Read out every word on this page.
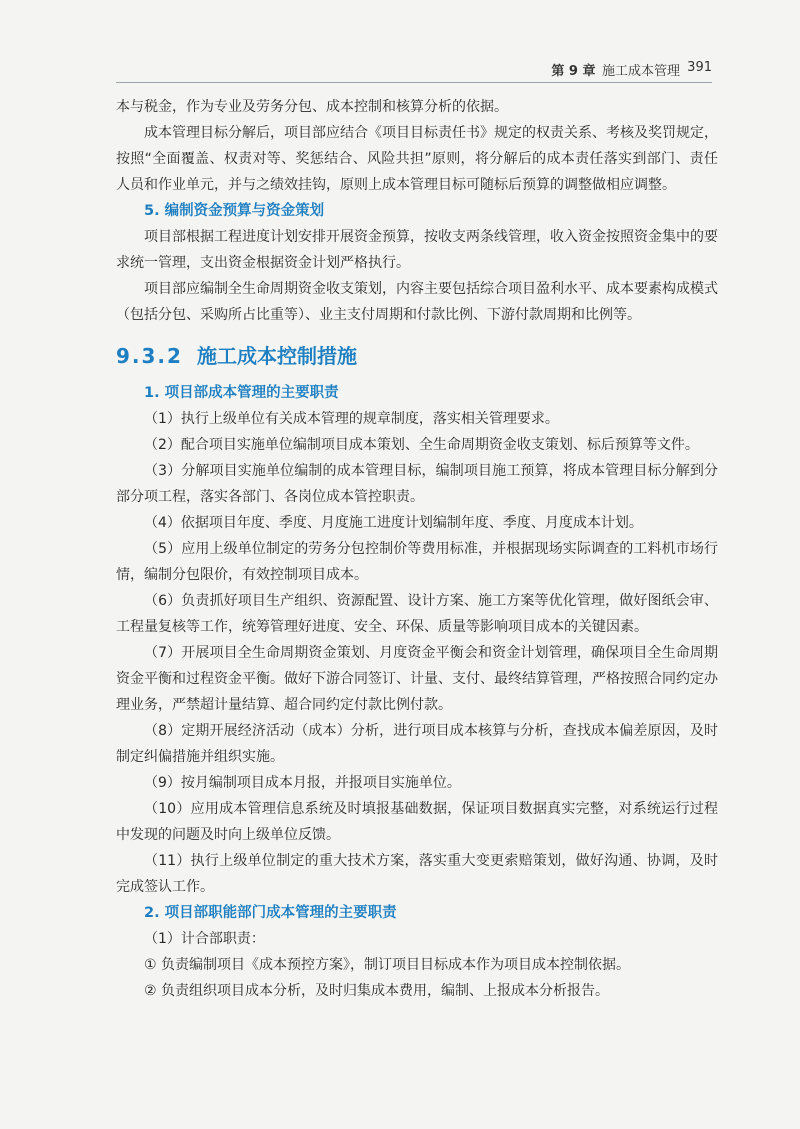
第 9 章  施工成本管理 391

本与税金，作为专业及劳务分包、成本控制和核算分析的依据。

成本管理目标分解后，项目部应结合《项目目标责任书》规定的权责关系、考核及奖罚规定，按照“全面覆盖、权责对等、奖惩结合、风险共担”原则，将分解后的成本责任落实到部门、责任人员和作业单元，并与之绩效挂钩，原则上成本管理目标可随标后预算的调整做相应调整。

5. 编制资金预算与资金策划

项目部根据工程进度计划安排开展资金预算，按收支两条线管理，收入资金按照资金集中的要求统一管理，支出资金根据资金计划严格执行。

项目部应编制全生命周期资金收支策划，内容主要包括综合项目盈利水平、成本要素构成模式（包括分包、采购所占比重等）、业主支付周期和付款比例、下游付款周期和比例等。

9.3.2 施工成本控制措施
1. 项目部成本管理的主要职责

（1）执行上级单位有关成本管理的规章制度，落实相关管理要求。

（2）配合项目实施单位编制项目成本策划、全生命周期资金收支策划、标后预算等文件。

（3）分解项目实施单位编制的成本管理目标，编制项目施工预算，将成本管理目标分解到分部分项工程，落实各部门、各岗位成本管控职责。

（4）依据项目年度、季度、月度施工进度计划编制年度、季度、月度成本计划。

（5）应用上级单位制定的劳务分包控制价等费用标准，并根据现场实际调查的工料机市场行情，编制分包限价，有效控制项目成本。

（6）负责抓好项目生产组织、资源配置、设计方案、施工方案等优化管理，做好图纸会审、工程量复核等工作，统筹管理好进度、安全、环保、质量等影响项目成本的关键因素。

（7）开展项目全生命周期资金策划、月度资金平衡会和资金计划管理，确保项目全生命周期资金平衡和过程资金平衡。做好下游合同签订、计量、支付、最终结算管理，严格按照合同约定办理业务，严禁超计量结算、超合同约定付款比例付款。

（8）定期开展经济活动（成本）分析，进行项目成本核算与分析，查找成本偏差原因，及时制定纠偏措施并组织实施。

（9）按月编制项目成本月报，并报项目实施单位。

（10）应用成本管理信息系统及时填报基础数据，保证项目数据真实完整，对系统运行过程中发现的问题及时向上级单位反馈。

（11）执行上级单位制定的重大技术方案，落实重大变更索赔策划，做好沟通、协调，及时完成签认工作。

2. 项目部职能部门成本管理的主要职责

（1）计合部职责：

① 负责编制项目《成本预控方案》，制订项目目标成本作为项目成本控制依据。

② 负责组织项目成本分析，及时归集成本费用，编制、上报成本分析报告。
